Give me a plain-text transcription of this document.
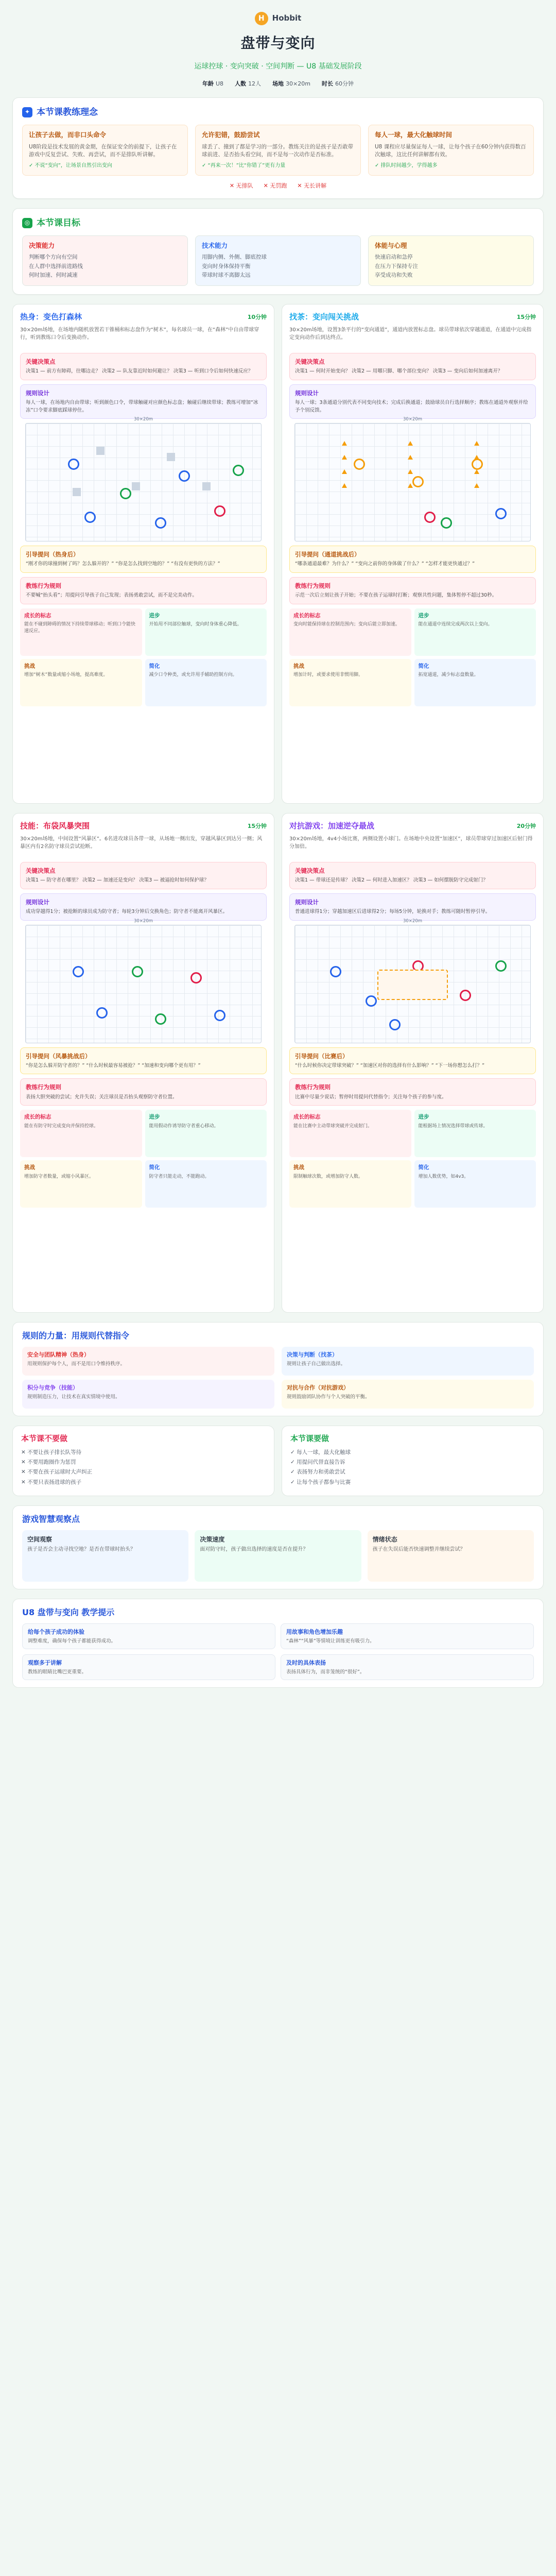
H	Hobbit
盘带与变向
运球控球 · 变向突破 · 空间判断 — U8 基础发展阶段
年龄 U8 人数 12人 场地 30×20m 时长 60分钟
✦ 本节课教练理念
让孩子去做，而非口头命令

U8阶段是技术发展的黄金期，在保证安全的前提下，让孩子在游戏中反复尝试、失败、再尝试，而不是排队听讲解。

✓ 不说“变向”，让场景自然引出变向
允许犯错，鼓励尝试

球丢了、撞到了都是学习的一部分。教练关注的是孩子是否敢带球前进、是否抬头看空间，而不是每一次动作是否标准。

✓ “再来一次！”比“你错了”更有力量
每人一球，最大化触球时间

U8 课程应尽量保证每人一球，让每个孩子在60分钟内获得数百次触球，这比任何讲解都有效。

✓ 排队时间越少，学得越多
✕ 无排队 ✕ 无罚跑 ✕ 无长讲解
◎ 本节课目标
决策能力
判断哪个方向有空间
在人群中选择前进路线
何时加速、何时减速
技术能力
用脚内侧、外侧、脚底控球
变向时身体保持平衡
带球时球不离脚太远
体能与心理
快速启动和急停
在压力下保持专注
享受成功和失败
热身：变色打森林	10分钟
30×20m场地，在场地内随机放置若干锥桶和标志盘作为“树木”，每名球员一球，在“森林”中自由带球穿行，听到教练口令后变换动作。
关键决策点

决策1 — 前方有障碍，往哪边走？ 决策2 — 队友靠近时如何避让？ 决策3 — 听到口令后如何快速反应？

规则设计

每人一球，在场地内自由带球；听到颜色口令，带球触碰对应颜色标志盘；触碰后继续带球；教练可增加“冰冻”口令要求脚底踩球停住。

30×20m
引导提问（热身后）

“刚才你的球撞到树了吗？怎么躲开的？” “你是怎么找到空地的？” “有没有更快的方法？”

教练行为规则

不要喊“抬头看”；用提问引导孩子自己发现；表扬勇敢尝试，而不是完美动作。

成长的标志

能在不碰到障碍的情况下持续带球移动；听到口令能快速反应。

进步

开始用不同部位触球，变向时身体重心降低。

挑战

增加“树木”数量或缩小场地，提高难度。

简化

减少口令种类，或允许用手辅助控制方向。

找茶：变向闯关挑战	15分钟
30×20m场地，设置3条平行的“变向通道”，通道内放置标志盘。球员带球依次穿越通道，在通道中完成指定变向动作后到达终点。
关键决策点

决策1 — 何时开始变向？ 决策2 — 用哪只脚、哪个部位变向？ 决策3 — 变向后如何加速离开？

规则设计

每人一球；3条通道分别代表不同变向技术；完成后换通道；鼓励球员自行选择顺序；教练在通道外观察并给予个别反馈。

30×20m
引导提问（通道挑战后）

“哪条通道最难？为什么？” “变向之前你的身体做了什么？” “怎样才能更快通过？”

教练行为规则

示范一次后立刻让孩子开始；不要在孩子运球时打断；观察共性问题，集体暂停不超过30秒。

成长的标志

变向时能保持球在控制范围内；变向后能立即加速。

进步

能在通道中连续完成两次以上变向。

挑战

增加计时，或要求使用非惯用脚。

简化

拓宽通道，减少标志盘数量。

技能：布袋风暴突围	15分钟
30×20m场地，中间设置“风暴区”。6名进攻球员各带一球，从场地一侧出发，穿越风暴区到达另一侧；风暴区内有2名防守球员尝试抢断。
关键决策点

决策1 — 防守者在哪里？ 决策2 — 加速还是变向？ 决策3 — 被逼抢时如何保护球？

规则设计

成功穿越得1分；被抢断的球员成为防守者；每轮3分钟后交换角色；防守者不能离开风暴区。

30×20m
引导提问（风暴挑战后）

“你是怎么躲开防守者的？” “什么时候最容易被抢？” “加速和变向哪个更有用？”

教练行为规则

表扬大胆突破的尝试；允许失误；关注球员是否抬头观察防守者位置。

成长的标志

能在有防守时完成变向并保持控球。

进步

能用假动作诱导防守者重心移动。

挑战

增加防守者数量，或缩小风暴区。

简化

防守者只能走动，不能跑动。

对抗游戏：加速逆夺最战	20分钟
30×20m场地，4v4小场比赛，两侧设置小球门。在场地中央设置“加速区”，球员带球穿过加速区后射门得分加倍。
关键决策点

决策1 — 带球还是传球？ 决策2 — 何时进入加速区？ 决策3 — 如何摆脱防守完成射门？

规则设计

普通进球得1分；穿越加速区后进球得2分；每场5分钟，轮换对手；教练可随时暂停引导。

30×20m
引导提问（比赛后）

“什么时候你决定带球突破？” “加速区对你的选择有什么影响？” “下一场你想怎么打？”

教练行为规则

比赛中尽量少说话；暂停时用提问代替指令；关注每个孩子的参与度。

成长的标志

能在比赛中主动带球突破并完成射门。

进步

能根据场上情况选择带球或传球。

挑战

限制触球次数，或增加防守人数。

简化

增加人数优势，如4v3。

规则的力量：用规则代替指令
安全与团队精神（热身）

用规则保护每个人，而不是用口令维持秩序。

决策与判断（找茶）

规则让孩子自己做出选择。

积分与竞争（技能）

规则制造压力，让技术在真实情境中使用。

对抗与合作（对抗游戏）

规则鼓励团队协作与个人突破的平衡。

本节课不要做
✕ 不要让孩子排长队等待
✕ 不要用跑圈作为惩罚
✕ 不要在孩子运球时大声纠正
✕ 不要只表扬进球的孩子
本节课要做
✓ 每人一球，最大化触球
✓ 用提问代替直接告诉
✓ 表扬努力和勇敢尝试
✓ 让每个孩子都参与比赛
游戏智慧观察点
空间观察

孩子是否会主动寻找空地？是否在带球时抬头？

决策速度

面对防守时，孩子做出选择的速度是否在提升？

情绪状态

孩子在失误后能否快速调整并继续尝试？

U8 盘带与变向 教学提示
给每个孩子成功的体验

调整难度，确保每个孩子都能获得成功。

用故事和角色增加乐趣

“森林”“风暴”等情境让训练更有吸引力。

观察多于讲解

教练的眼睛比嘴巴更重要。

及时的具体表扬

表扬具体行为，而非笼统的“很好”。
